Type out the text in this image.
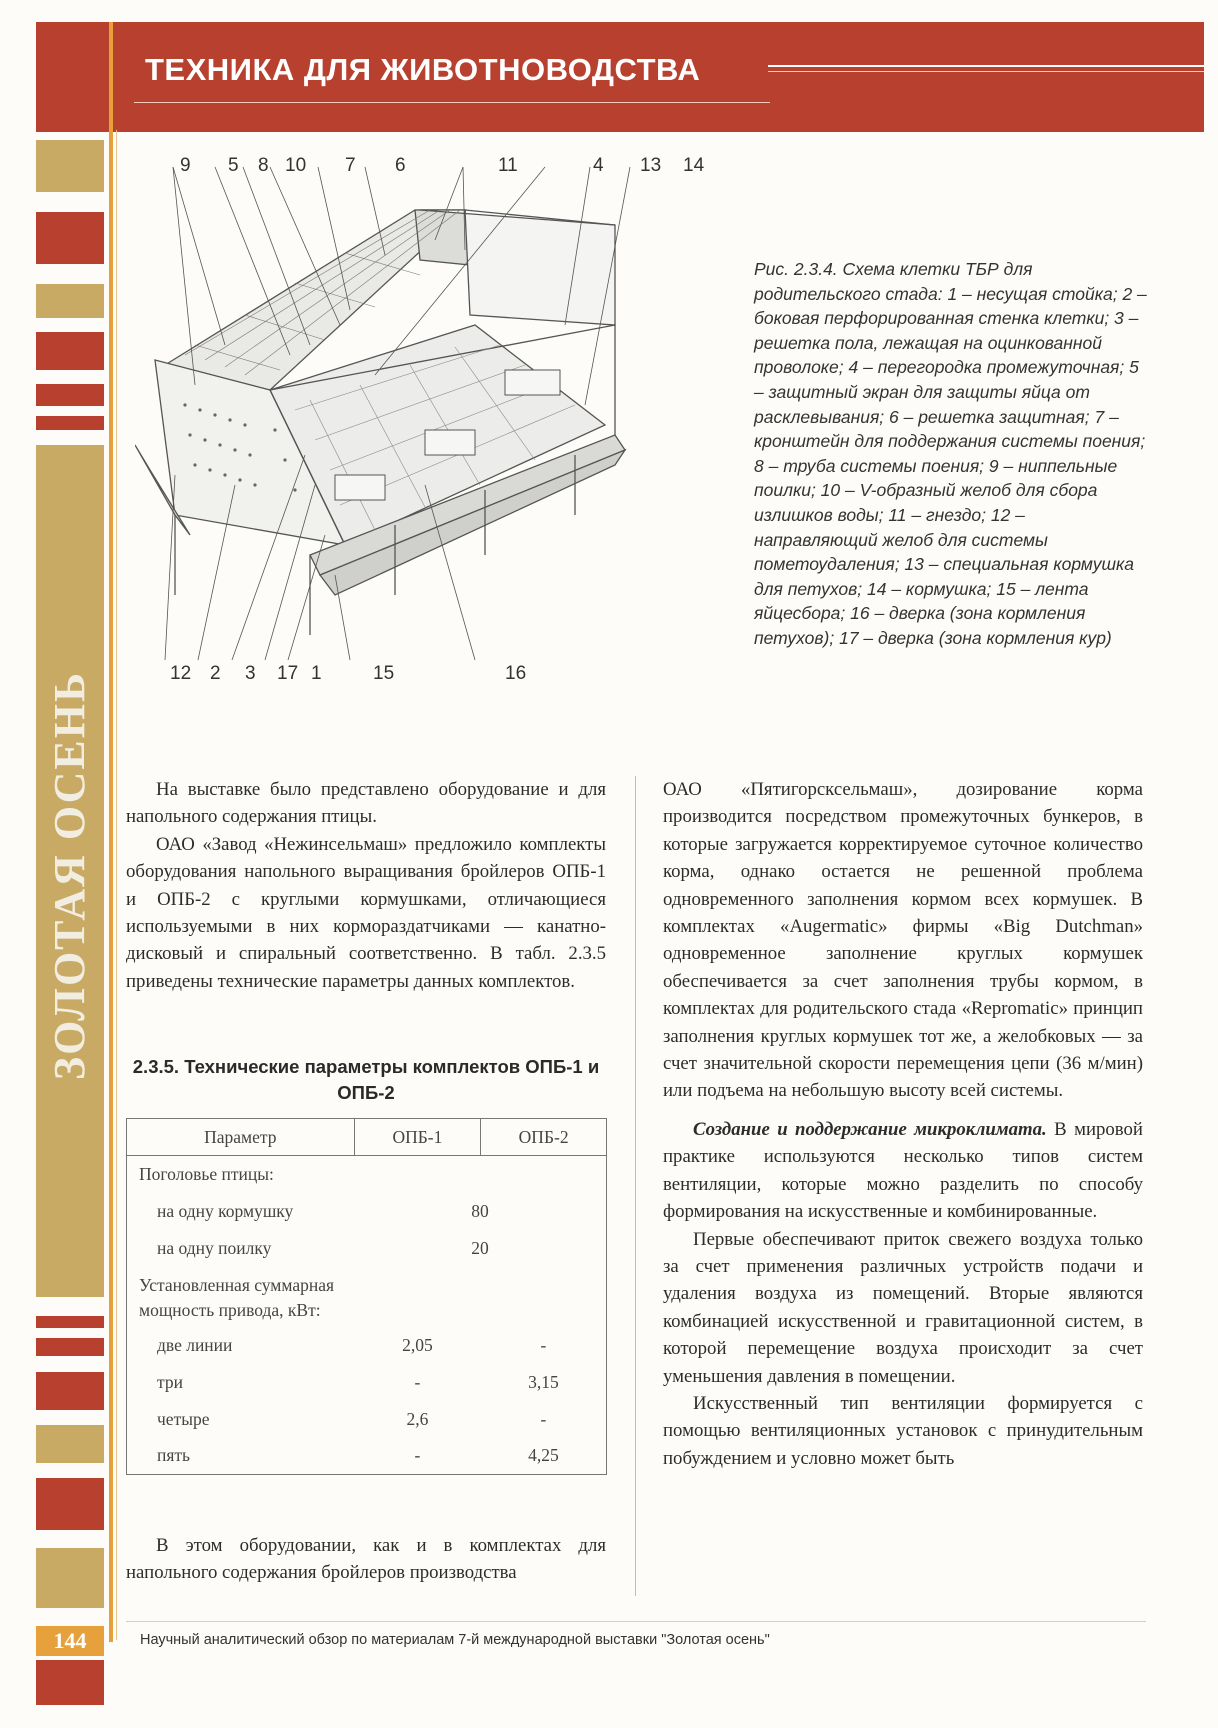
ТЕХНИКА ДЛЯ ЖИВОТНОВОДСТВА
ЗОЛОТАЯ ОСЕНЬ
9 5 8 10 7 6	11	4 13 14
12 2 3 17 1	15	16
Рис. 2.3.4. Схема клетки ТБР для родительского стада: 1 – несущая стойка; 2 – боковая перфорированная стенка клетки; 3 – решетка пола, лежащая на оцинкованной проволоке; 4 – перегородка промежуточная; 5 – защитный экран для защиты яйца от расклевывания; 6 – решетка защитная; 7 – кронштейн для поддержания системы поения; 8 – труба системы поения; 9 – ниппельные поилки; 10 – V-образный желоб для сбора излишков воды; 11 – гнездо; 12 – направляющий желоб для системы пометоудаления; 13 – специальная кормушка для петухов; 14 – кормушка; 15 – лента яйцесбора; 16 – дверка (зона кормления петухов); 17 – дверка (зона кормления кур)

На выставке было представлено оборудование и для напольного содержания птицы.

ОАО «Завод «Нежинсельмаш» предложило комплекты оборудования напольного выращивания бройлеров ОПБ-1 и ОПБ-2 с круглыми кормушками, отличающиеся используемыми в них кормораздатчиками — канатно-дисковый и спиральный соответственно. В табл. 2.3.5 приведены технические параметры данных комплектов.

2.3.5. Технические параметры комплектов ОПБ-1 и ОПБ-2
Параметр	ОПБ-1	ОПБ-2
Поголовье птицы:		
на одну кормушку	80	
на одну поилку	20	
Установленная суммарная мощность привода, кВт:		
две линии	2,05	-
три	-	3,15
четыре	2,6	-
пять	-	4,25

В этом оборудовании, как и в комплектах для напольного содержания бройлеров производства

ОАО «Пятигорсксельмаш», дозирование корма производится посредством промежуточных бункеров, в которые загружается корректируемое суточное количество корма, однако остается не решенной проблема одновременного заполнения кормом всех кормушек. В комплектах «Augermatic» фирмы «Big Dutchman» одновременное заполнение круглых кормушек обеспечивается за счет заполнения трубы кормом, в комплектах для родительского стада «Repromatic» принцип заполнения круглых кормушек тот же, а желобковых — за счет значительной скорости перемещения цепи (36 м/мин) или подъема на небольшую высоту всей системы.

Создание и поддержание микроклимата. В мировой практике используются несколько типов систем вентиляции, которые можно разделить по способу формирования на искусственные и комбинированные.

Первые обеспечивают приток свежего воздуха только за счет применения различных устройств подачи и удаления воздуха из помещений. Вторые являются комбинацией искусственной и гравитационной систем, в которой перемещение воздуха происходит за счет уменьшения давления в помещении.

Искусственный тип вентиляции формируется с помощью вентиляционных установок с принудительным побуждением и условно может быть

144	Научный аналитический обзор по материалам 7-й международной выставки "Золотая осень"
